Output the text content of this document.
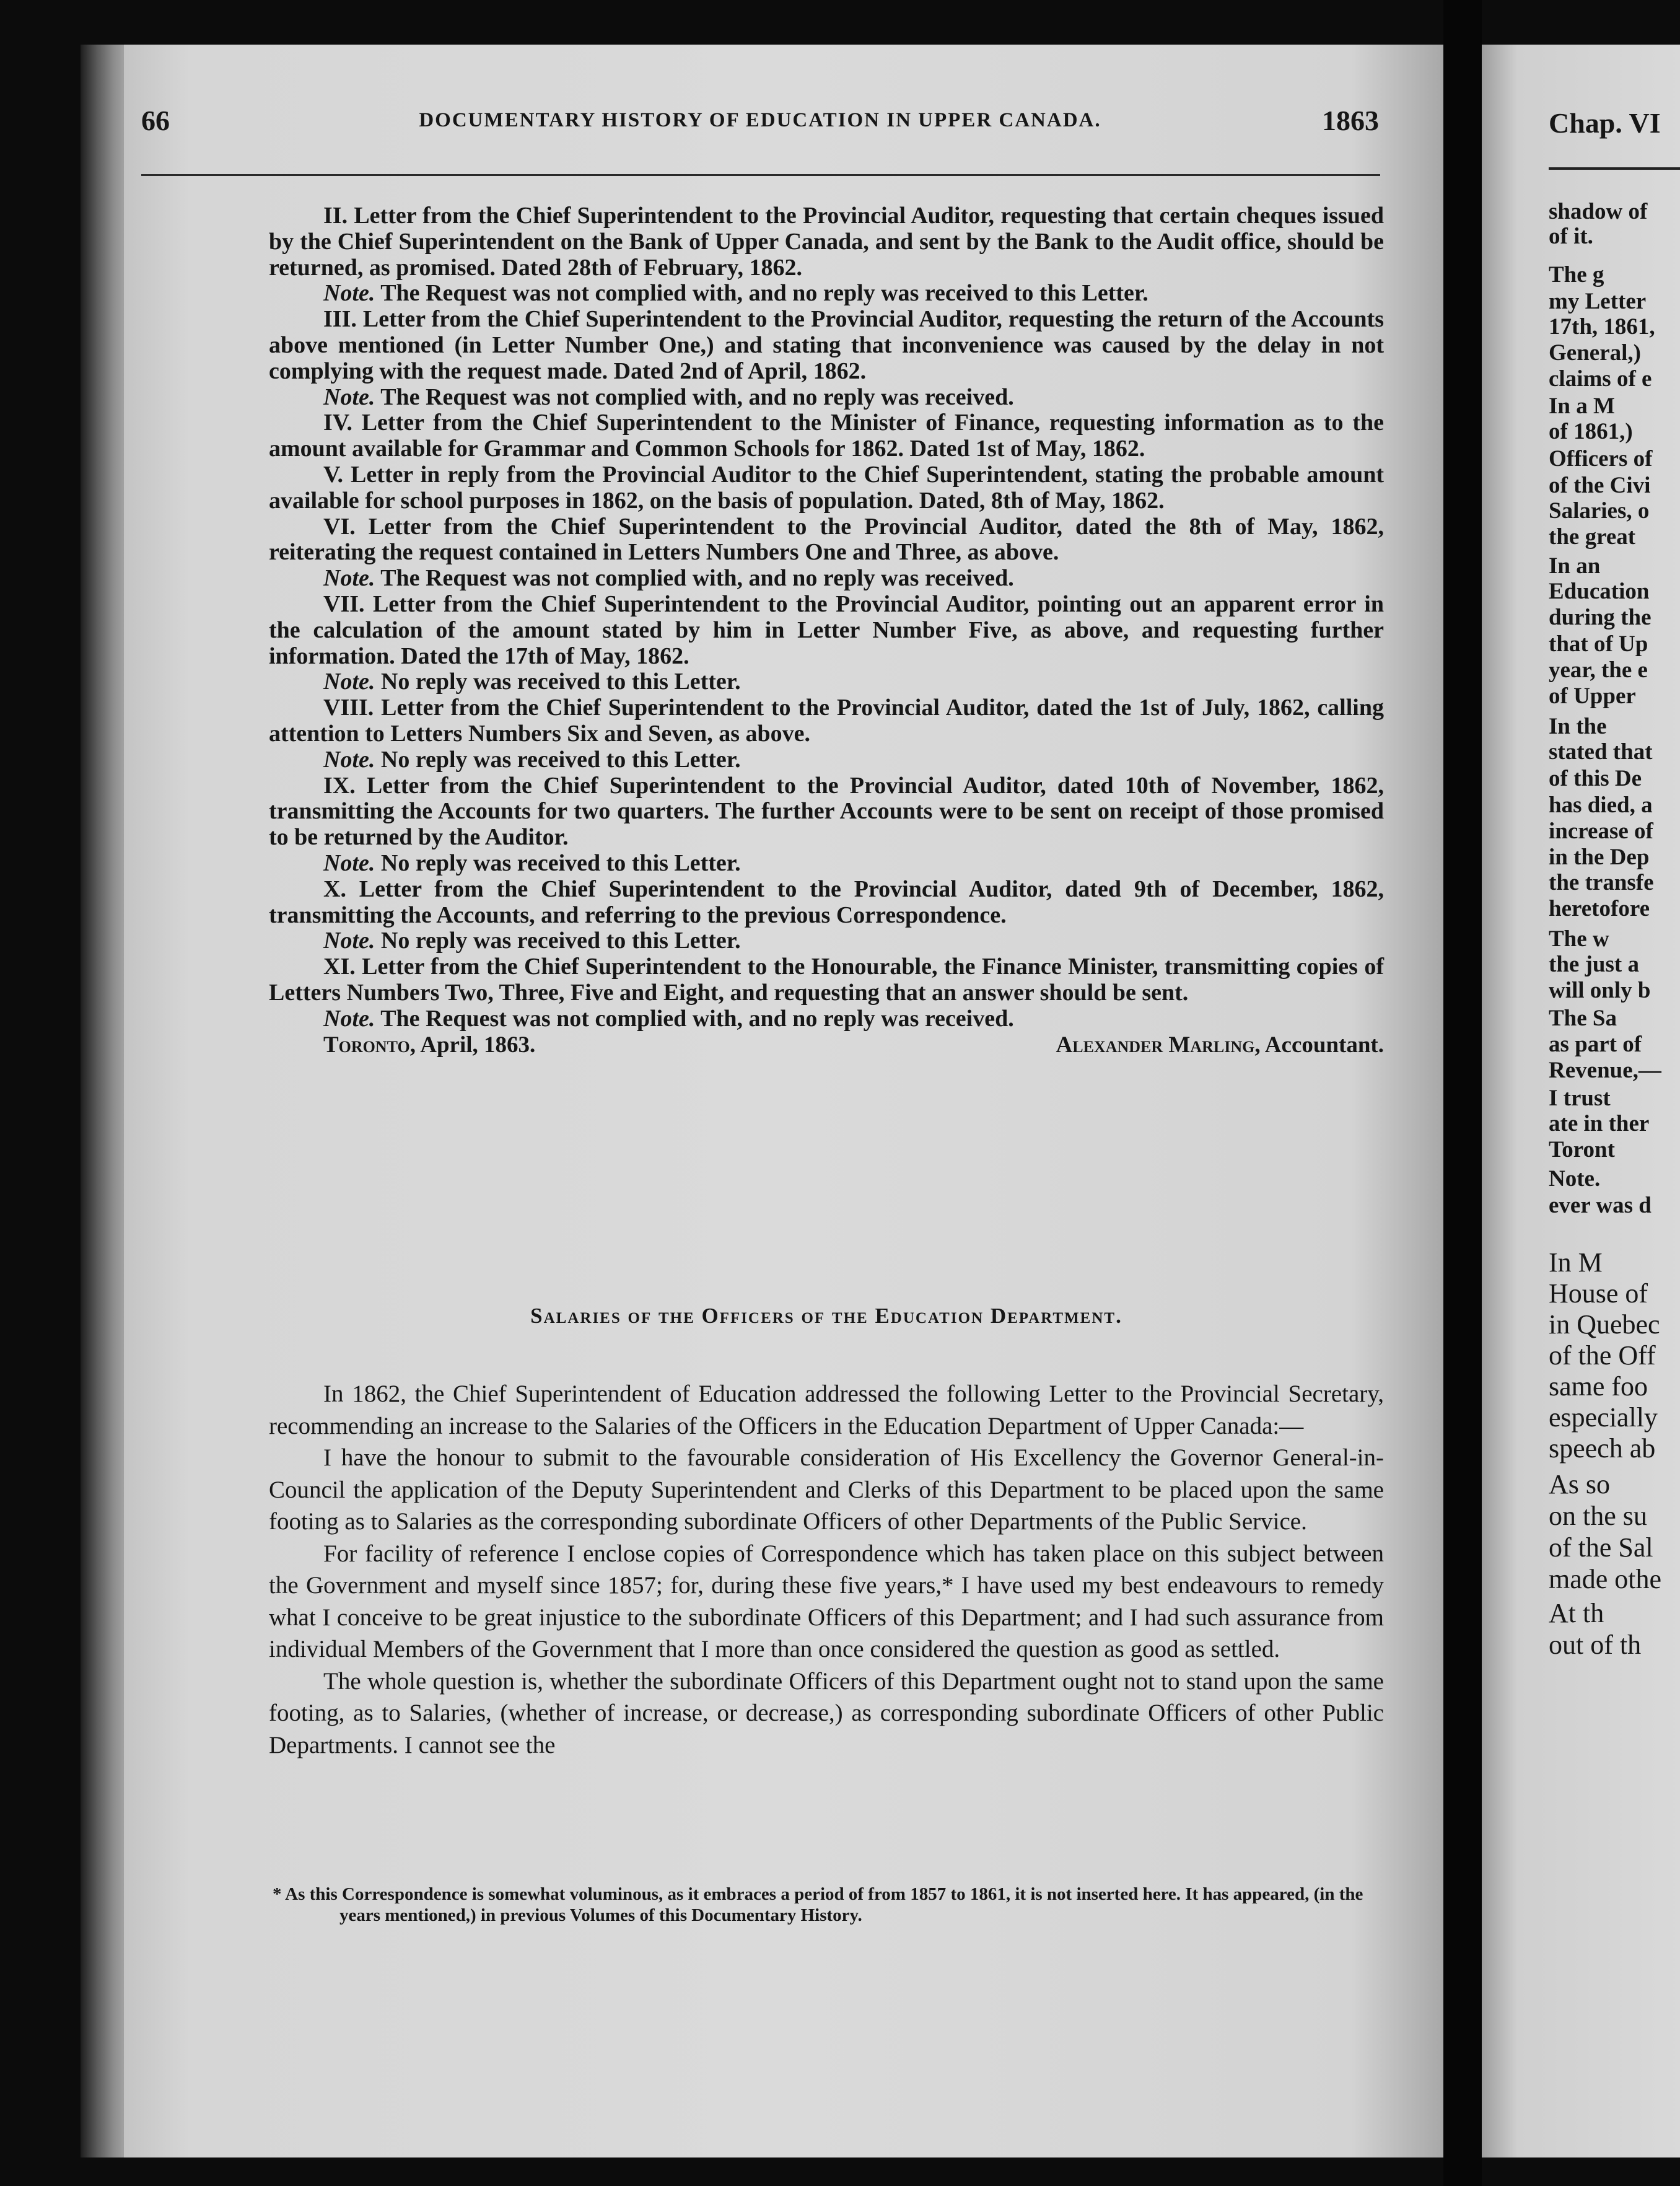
66	DOCUMENTARY HISTORY OF EDUCATION IN UPPER CANADA.	1863

II. Letter from the Chief Superintendent to the Provincial Auditor, requesting that certain cheques issued by the Chief Superintendent on the Bank of Upper Canada, and sent by the Bank to the Audit office, should be returned, as promised. Dated 28th of February, 1862.

Note. The Request was not complied with, and no reply was received to this Letter.

III. Letter from the Chief Superintendent to the Provincial Auditor, requesting the return of the Accounts above mentioned (in Letter Number One,) and stating that inconvenience was caused by the delay in not complying with the request made. Dated 2nd of April, 1862.

Note. The Request was not complied with, and no reply was received.

IV. Letter from the Chief Superintendent to the Minister of Finance, requesting information as to the amount available for Grammar and Common Schools for 1862. Dated 1st of May, 1862.

V. Letter in reply from the Provincial Auditor to the Chief Superintendent, stating the probable amount available for school purposes in 1862, on the basis of population. Dated, 8th of May, 1862.

VI. Letter from the Chief Superintendent to the Provincial Auditor, dated the 8th of May, 1862, reiterating the request contained in Letters Numbers One and Three, as above.

Note. The Request was not complied with, and no reply was received.

VII. Letter from the Chief Superintendent to the Provincial Auditor, pointing out an apparent error in the calculation of the amount stated by him in Letter Number Five, as above, and requesting further information. Dated the 17th of May, 1862.

Note. No reply was received to this Letter.

VIII. Letter from the Chief Superintendent to the Provincial Auditor, dated the 1st of July, 1862, calling attention to Letters Numbers Six and Seven, as above.

Note. No reply was received to this Letter.

IX. Letter from the Chief Superintendent to the Provincial Auditor, dated 10th of November, 1862, transmitting the Accounts for two quarters. The further Accounts were to be sent on receipt of those promised to be returned by the Auditor.

Note. No reply was received to this Letter.

X. Letter from the Chief Superintendent to the Provincial Auditor, dated 9th of December, 1862, transmitting the Accounts, and referring to the previous Correspondence.

Note. No reply was received to this Letter.

XI. Letter from the Chief Superintendent to the Honourable, the Finance Minister, transmitting copies of Letters Numbers Two, Three, Five and Eight, and requesting that an answer should be sent.

Note. The Request was not complied with, and no reply was received.

Toronto, April, 1863.	Alexander Marling, Accountant.
Salaries of the Officers of the Education Department.

In 1862, the Chief Superintendent of Education addressed the following Letter to the Provincial Secretary, recommending an increase to the Salaries of the Officers in the Education Department of Upper Canada:—

I have the honour to submit to the favourable consideration of His Excellency the Governor General-in-Council the application of the Deputy Superintendent and Clerks of this Department to be placed upon the same footing as to Salaries as the corresponding subordinate Officers of other Departments of the Public Service.

For facility of reference I enclose copies of Correspondence which has taken place on this subject between the Government and myself since 1857; for, during these five years,* I have used my best endeavours to remedy what I conceive to be great injustice to the subordinate Officers of this Department; and I had such assurance from individual Members of the Government that I more than once considered the question as good as settled.

The whole question is, whether the subordinate Officers of this Department ought not to stand upon the same footing, as to Salaries, (whether of increase, or decrease,) as corresponding subordinate Officers of other Public Departments. I cannot see the

* As this Correspondence is somewhat voluminous, as it embraces a period of from 1857 to 1861, it is not inserted here. It has appeared, (in the years mentioned,) in previous Volumes of this Documentary History.

Chap. VI
shadow of
of it.
The g
my Letter
17th, 1861,
General,)
claims of e
In a M
of 1861,)
Officers of
of the Civi
Salaries, o
the great
In an
Education
during the
that of Up
year, the e
of Upper
In the
stated that
of this De
has died, a
increase of
in the Dep
the transfe
heretofore
The w
the just a
will only b
The Sa
as part of
Revenue,—
I trust
ate in ther
Toront
Note.
ever was d
In M
House of
in Quebec
of the Off
same foo
especially
speech ab
As so
on the su
of the Sal
made othe
At th
out of th
